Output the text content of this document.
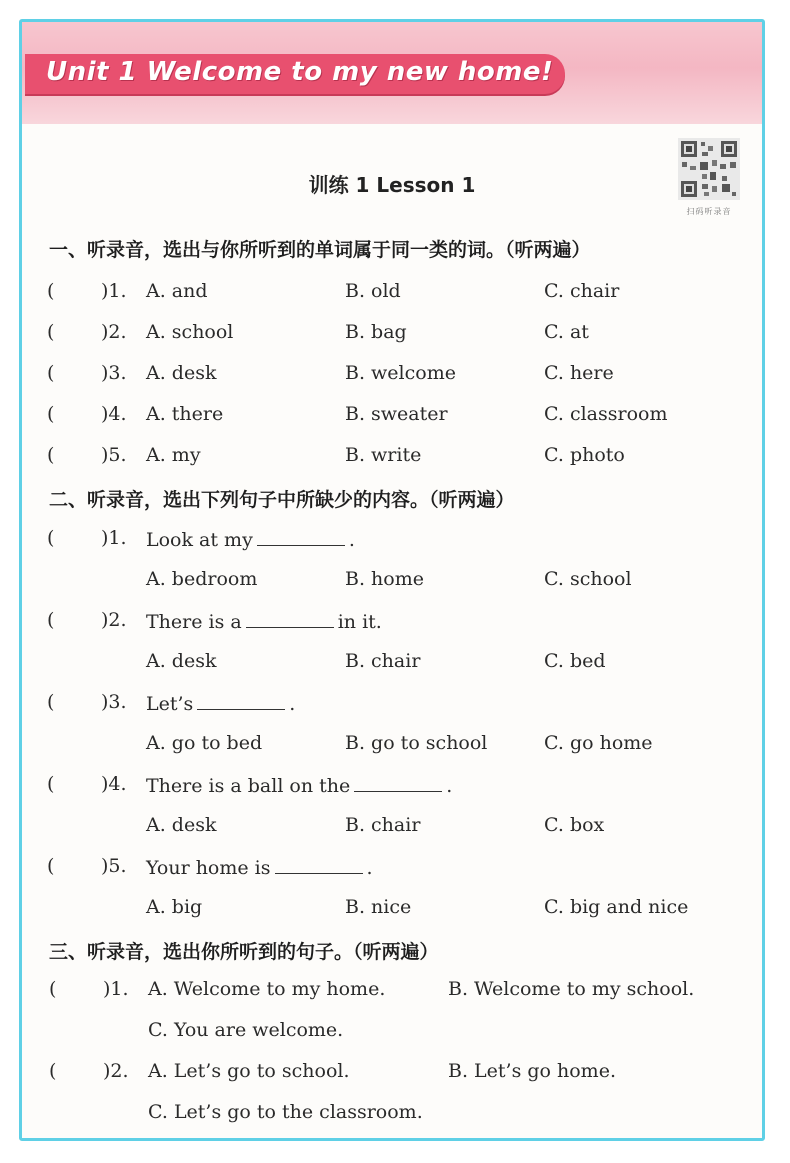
Unit 1 Welcome to my new home!
训练 1 Lesson 1
扫码听录音
一、听录音，选出与你所听到的单词属于同一类的词。（听两遍）
( )1. A. and	B. old	C. chair
( )2. A. school	B. bag	C. at
( )3. A. desk	B. welcome	C. here
( )4. A. there	B. sweater	C. classroom
( )5. A. my	B. write	C. photo
二、听录音，选出下列句子中所缺少的内容。（听两遍）
( )1. Look at my	.
A. bedroom	B. home	C. school
( )2. There is a	in it.
A. desk	B. chair	C. bed
( )3. Let’s	.
A. go to bed	B. go to school	C. go home
( )4. There is a ball on the	.
A. desk	B. chair	C. box
( )5. Your home is	.
A. big	B. nice	C. big and nice
三、听录音，选出你所听到的句子。（听两遍）
( )1. A. Welcome to my home.	B. Welcome to my school.
C. You are welcome.
( )2. A. Let’s go to school.	B. Let’s go home.
C. Let’s go to the classroom.
